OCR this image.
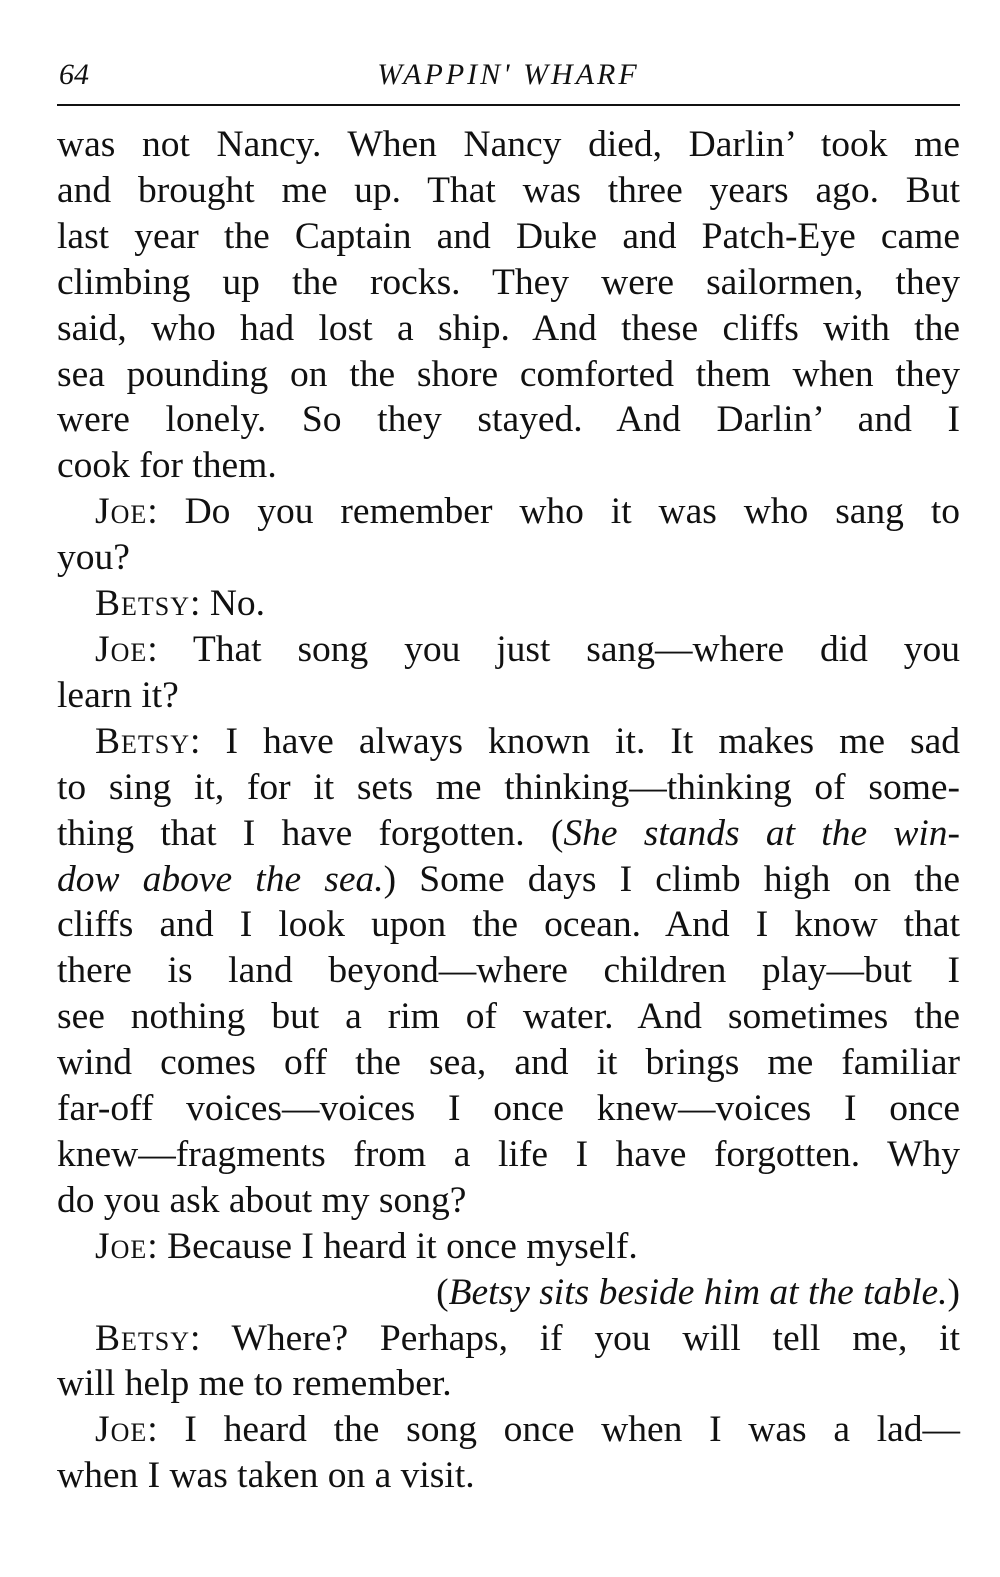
64	WAPPIN' WHARF
was not Nancy. When Nancy died, Darlin’ took me
and brought me up. That was three years ago. But
last year the Captain and Duke and Patch-Eye came
climbing up the rocks. They were sailormen, they
said, who had lost a ship. And these cliffs with the
sea pounding on the shore comforted them when they
were lonely. So they stayed. And Darlin’ and I
cook for them.
Joe: Do you remember who it was who sang to
you?
Betsy: No.
Joe: That song you just sang—where did you
learn it?
Betsy: I have always known it. It makes me sad
to sing it, for it sets me thinking—thinking of some-
thing that I have forgotten. (She stands at the win-
dow above the sea.) Some days I climb high on the
cliffs and I look upon the ocean. And I know that
there is land beyond—where children play—but I
see nothing but a rim of water. And sometimes the
wind comes off the sea, and it brings me familiar
far-off voices—voices I once knew—voices I once
knew—fragments from a life I have forgotten. Why
do you ask about my song?
Joe: Because I heard it once myself.
(Betsy sits beside him at the table.)
Betsy: Where? Perhaps, if you will tell me, it
will help me to remember.
Joe: I heard the song once when I was a lad—
when I was taken on a visit.
